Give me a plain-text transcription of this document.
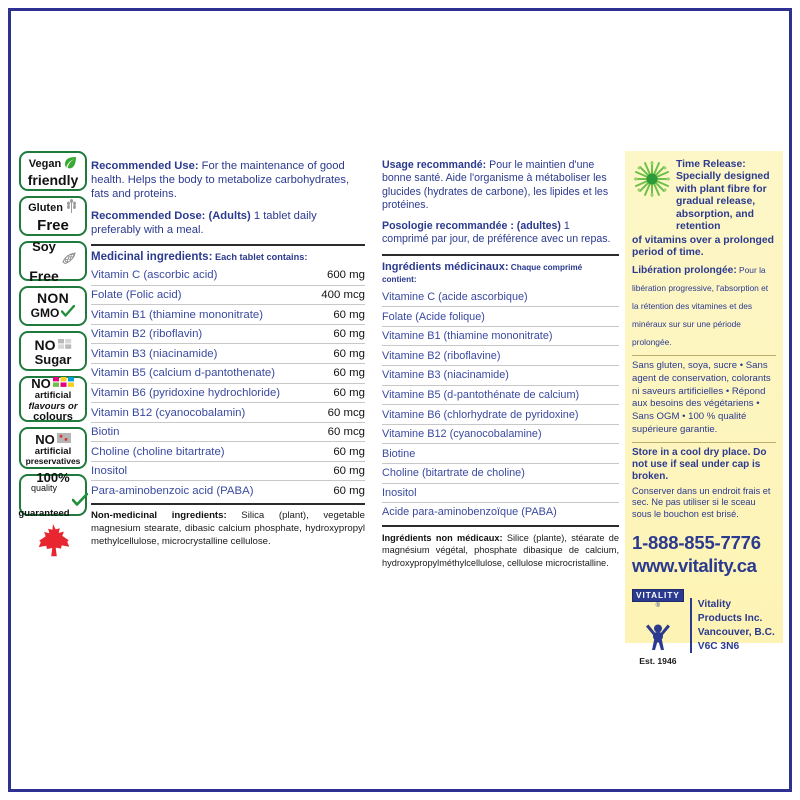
Vegan
friendly
Gluten
Free
Soy

Free
NON
GMO
NO
Sugar
NO
artificial
flavours or
colours
NO
artificial
preservatives
100%
quality

guaranteed

Recommended Use: For the maintenance of good health. Helps the body to metabolize carbohydrates, fats and proteins.

Recommended Dose: (Adults) 1 tablet daily preferably with a meal.

Medicinal ingredients: Each tablet contains:
Vitamin C (ascorbic acid)	600 mg
Folate (Folic acid)	400 mcg
Vitamin B1 (thiamine mononitrate)	60 mg
Vitamin B2 (riboflavin)	60 mg
Vitamin B3 (niacinamide)	60 mg
Vitamin B5 (calcium d-pantothenate)	60 mg
Vitamin B6 (pyridoxine hydrochloride)	60 mg
Vitamin B12 (cyanocobalamin)	60 mcg
Biotin	60 mcg
Choline (choline bitartrate)	60 mg
Inositol	60 mg
Para-aminobenzoic acid (PABA)	60 mg

Non-medicinal ingredients: Silica (plant), vegetable magnesium stearate, dibasic calcium phosphate, hydroxypropyl methylcellulose, microcrystalline cellulose.

Usage recommandé: Pour le maintien d'une bonne santé. Aide l'organisme à métaboliser les glucides (hydrates de carbone), les lipides et les protéines.

Posologie recommandée : (adultes) 1 comprimé par jour, de préférence avec un repas.

Ingrédients médicinaux: Chaque comprimé contient:
Vitamine C (acide ascorbique)
Folate (Acide folique)
Vitamine B1 (thiamine mononitrate)
Vitamine B2 (riboflavine)
Vitamine B3 (niacinamide)
Vitamine B5 (d-pantothénate de calcium)
Vitamine B6 (chlorhydrate de pyridoxine)
Vitamine B12 (cyanocobalamine)
Biotine
Choline (bitartrate de choline)
Inositol
Acide para-aminobenzoïque (PABA)

Ingrédients non médicaux: Silice (plante), stéarate de magnésium végétal, phosphate dibasique de calcium, hydroxypropylméthylcellulose, cellulose microcristalline.

Time Release: Specially designed with plant fibre for gradual release, absorption, and retention
of vitamins over a prolonged period of time.
Libération prolongée: Pour la libération progressive, l'absorption et la rétention des vitamines et des minéraux sur sur une période prolongée.
Sans gluten, soya, sucre • Sans agent de conservation, colorants ni saveurs artificielles • Répond aux besoins des végétariens • Sans OGM • 100 % qualité supérieure garantie.
Store in a cool dry place. Do not use if seal under cap is broken.
Conserver dans un endroit frais et sec. Ne pas utiliser si le sceau sous le bouchon est brisé.
1-888-855-7776
www.vitality.ca
VITALITY®
Est. 1946
Vitality Products Inc.
Vancouver, B.C.
V6C 3N6
